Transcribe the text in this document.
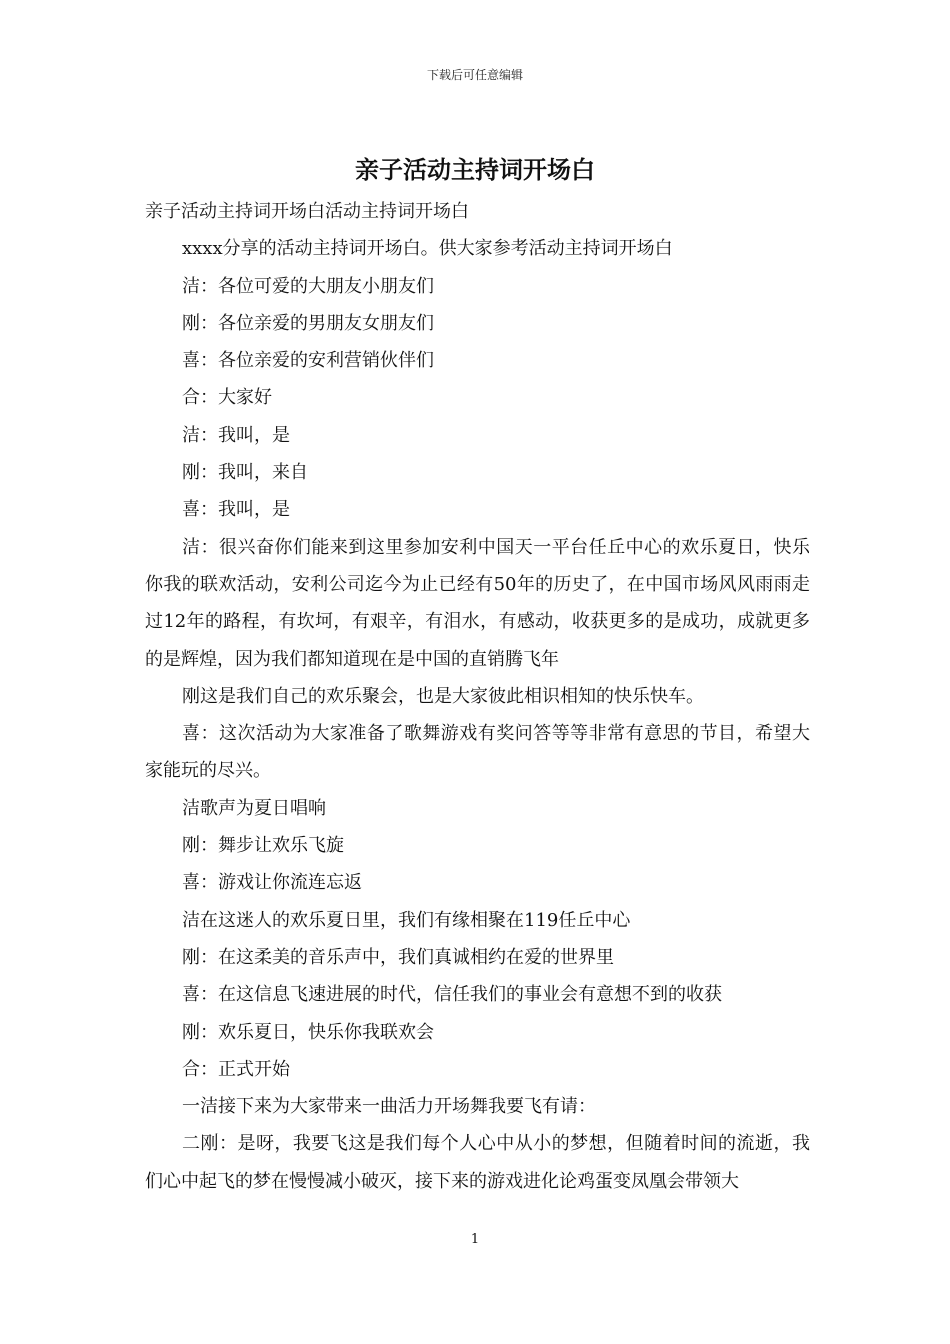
下载后可任意编辑
亲子活动主持词开场白

亲子活动主持词开场白活动主持词开场白

xxxx分享的活动主持词开场白。供大家参考活动主持词开场白

洁：各位可爱的大朋友小朋友们

刚：各位亲爱的男朋友女朋友们

喜：各位亲爱的安利营销伙伴们

合：大家好

洁：我叫，是

刚：我叫，来自

喜：我叫，是

洁：很兴奋你们能来到这里参加安利中国天一平台任丘中心的欢乐夏日，快乐你我的联欢活动，安利公司迄今为止已经有50年的历史了，在中国市场风风雨雨走过12年的路程，有坎坷，有艰辛，有泪水，有感动，收获更多的是成功，成就更多的是辉煌，因为我们都知道现在是中国的直销腾飞年

刚这是我们自己的欢乐聚会，也是大家彼此相识相知的快乐快车。

喜：这次活动为大家准备了歌舞游戏有奖问答等等非常有意思的节目，希望大家能玩的尽兴。

洁歌声为夏日唱响

刚：舞步让欢乐飞旋

喜：游戏让你流连忘返

洁在这迷人的欢乐夏日里，我们有缘相聚在119任丘中心

刚：在这柔美的音乐声中，我们真诚相约在爱的世界里

喜：在这信息飞速进展的时代，信任我们的事业会有意想不到的收获

刚：欢乐夏日，快乐你我联欢会

合：正式开始

一洁接下来为大家带来一曲活力开场舞我要飞有请：

二刚：是呀，我要飞这是我们每个人心中从小的梦想，但随着时间的流逝，我们心中起飞的梦在慢慢减小破灭，接下来的游戏进化论鸡蛋变凤凰会带领大

1
